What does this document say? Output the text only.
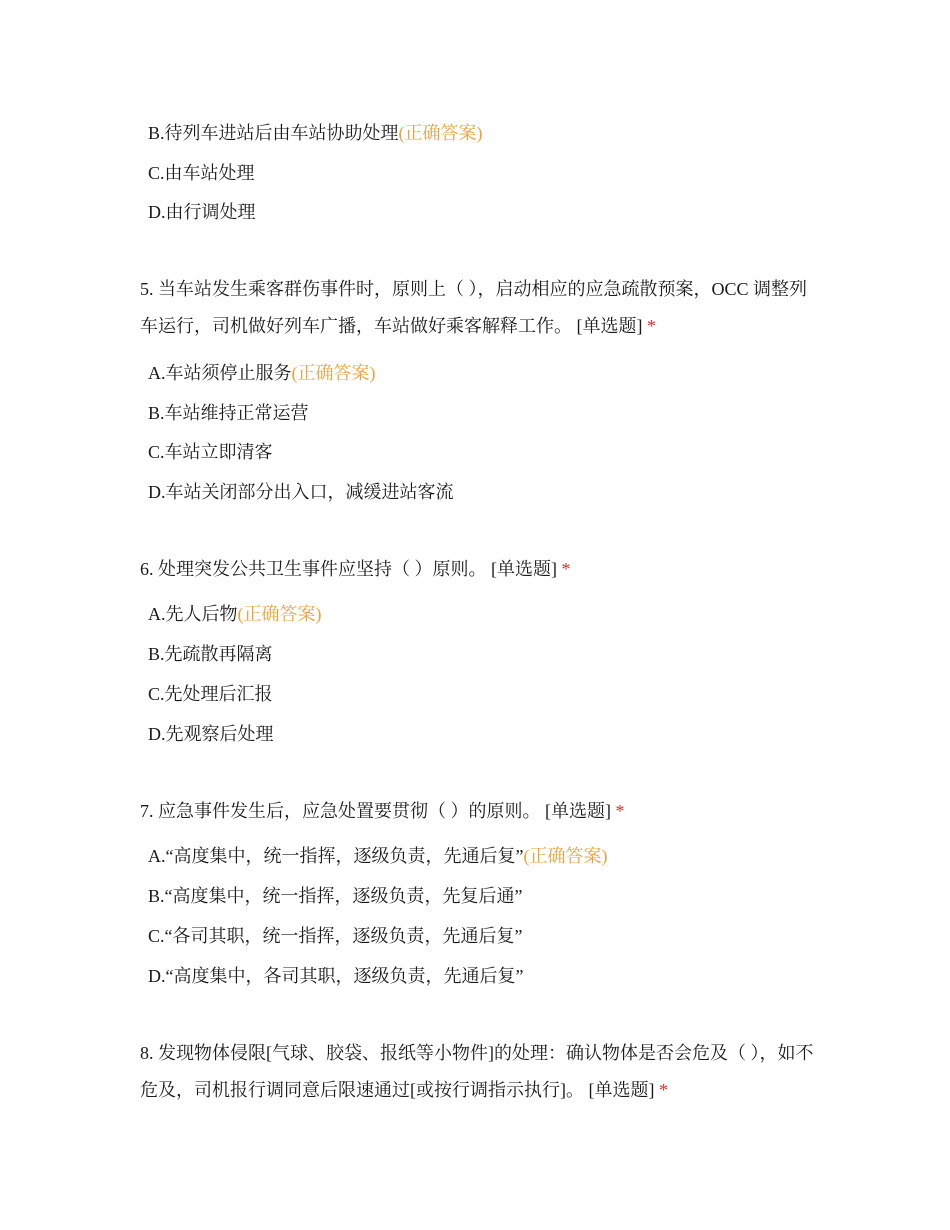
B.待列车进站后由车站协助处理(正确答案)
C.由车站处理
D.由行调处理
5. 当车站发生乘客群伤事件时，原则上（ ），启动相应的应急疏散预案，OCC 调整列车运行，司机做好列车广播，车站做好乘客解释工作。 [单选题] *
A.车站须停止服务(正确答案)
B.车站维持正常运营
C.车站立即清客
D.车站关闭部分出入口，减缓进站客流
6. 处理突发公共卫生事件应坚持（ ）原则。 [单选题] *
A.先人后物(正确答案)
B.先疏散再隔离
C.先处理后汇报
D.先观察后处理
7. 应急事件发生后，应急处置要贯彻（ ）的原则。 [单选题] *
A.“高度集中，统一指挥，逐级负责，先通后复”(正确答案)
B.“高度集中，统一指挥，逐级负责，先复后通”
C.“各司其职，统一指挥，逐级负责，先通后复”
D.“高度集中，各司其职，逐级负责，先通后复”
8. 发现物体侵限[气球、胶袋、报纸等小物件]的处理：确认物体是否会危及（ ），如不危及，司机报行调同意后限速通过[或按行调指示执行]。 [单选题] *
